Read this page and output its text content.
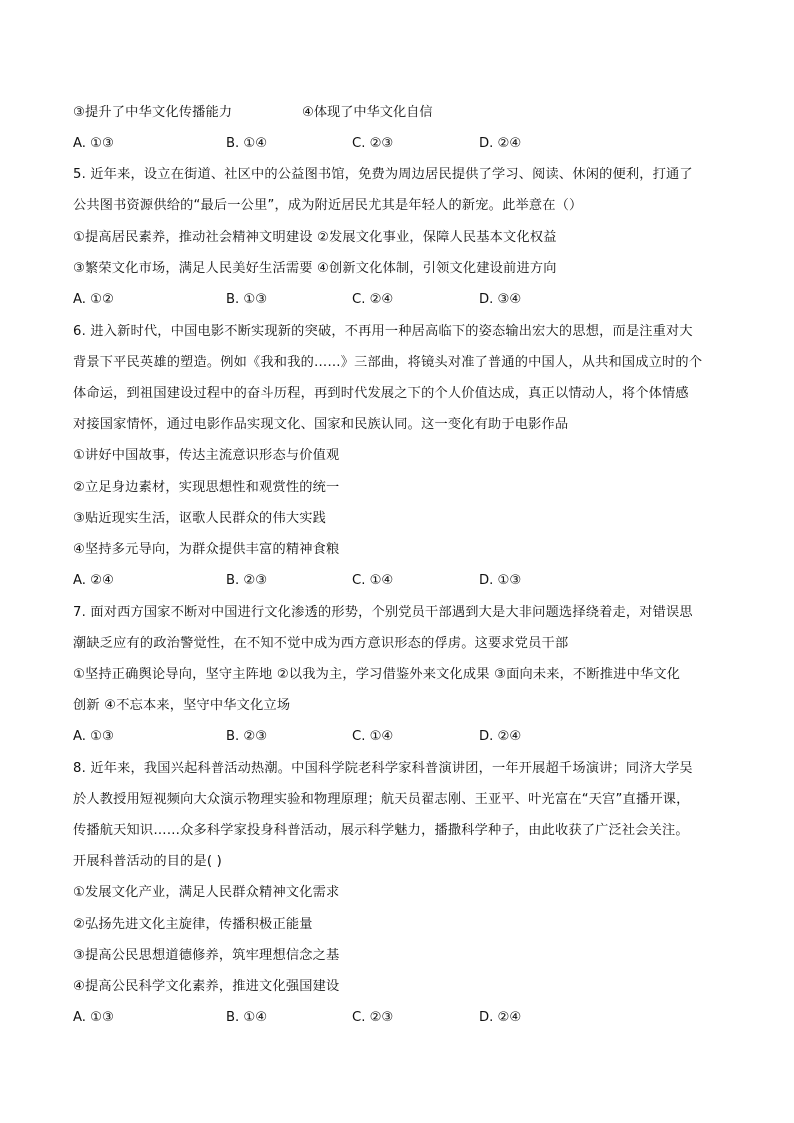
③提升了中华文化传播能力	④体现了中华文化自信
A. ①③	B. ①④	C. ②③	D. ②④
5. 近年来，设立在街道、社区中的公益图书馆，免费为周边居民提供了学习、阅读、休闲的便利，打通了
公共图书资源供给的“最后一公里”，成为附近居民尤其是年轻人的新宠。此举意在（）
①提高居民素养，推动社会精神文明建设 ②发展文化事业，保障人民基本文化权益
③繁荣文化市场，满足人民美好生活需要 ④创新文化体制，引领文化建设前进方向
A. ①②	B. ①③	C. ②④	D. ③④
6. 进入新时代，中国电影不断实现新的突破，不再用一种居高临下的姿态输出宏大的思想，而是注重对大
背景下平民英雄的塑造。例如《我和我的……》三部曲，将镜头对准了普通的中国人，从共和国成立时的个
体命运，到祖国建设过程中的奋斗历程，再到时代发展之下的个人价值达成，真正以情动人，将个体情感
对接国家情怀，通过电影作品实现文化、国家和民族认同。这一变化有助于电影作品
①讲好中国故事，传达主流意识形态与价值观
②立足身边素材，实现思想性和观赏性的统一
③贴近现实生活，讴歌人民群众的伟大实践
④坚持多元导向，为群众提供丰富的精神食粮
A. ②④	B. ②③	C. ①④	D. ①③
7. 面对西方国家不断对中国进行文化渗透的形势，个别党员干部遇到大是大非问题选择绕着走，对错误思
潮缺乏应有的政治警觉性，在不知不觉中成为西方意识形态的俘虏。这要求党员干部
①坚持正确舆论导向，坚守主阵地 ②以我为主，学习借鉴外来文化成果 ③面向未来，不断推进中华文化
创新 ④不忘本来，坚守中华文化立场
A. ①③	B. ②③	C. ①④	D. ②④
8. 近年来，我国兴起科普活动热潮。中国科学院老科学家科普演讲团，一年开展超千场演讲；同济大学吴
於人教授用短视频向大众演示物理实验和物理原理；航天员翟志刚、王亚平、叶光富在“天宫”直播开课，
传播航天知识……众多科学家投身科普活动，展示科学魅力，播撒科学种子，由此收获了广泛社会关注。
开展科普活动的目的是( )
①发展文化产业，满足人民群众精神文化需求
②弘扬先进文化主旋律，传播积极正能量
③提高公民思想道德修养，筑牢理想信念之基
④提高公民科学文化素养，推进文化强国建设
A. ①③	B. ①④	C. ②③	D. ②④
